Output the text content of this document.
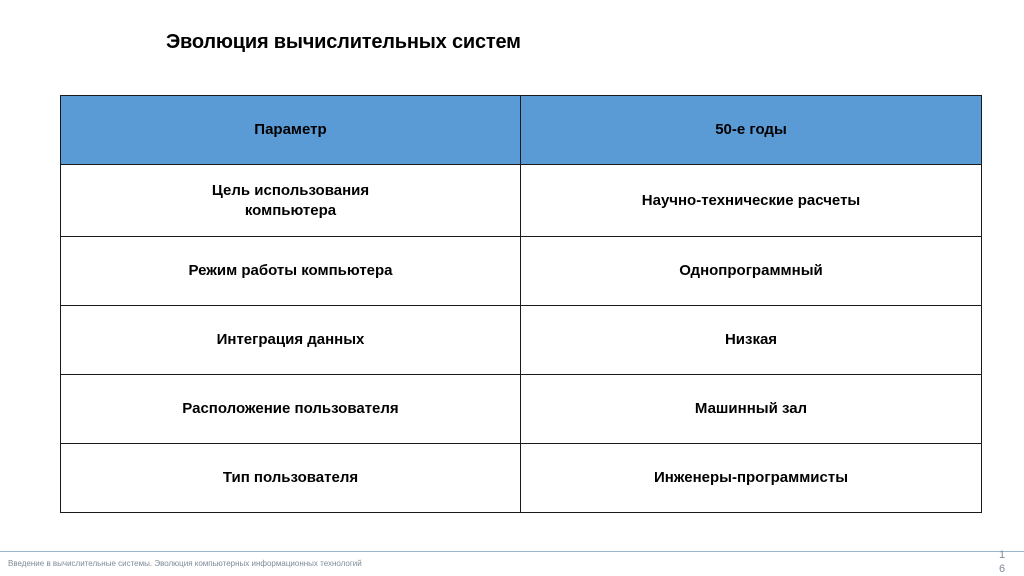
Эволюция вычислительных систем
Параметр	50-е годы
Цель использования компьютера	Научно-технические расчеты
Режим работы компьютера	Однопрограммный
Интеграция данных	Низкая
Расположение пользователя	Машинный зал
Тип пользователя	Инженеры-программисты
Введение в вычислительные системы. Эволюция компьютерных информационных технологий
16
